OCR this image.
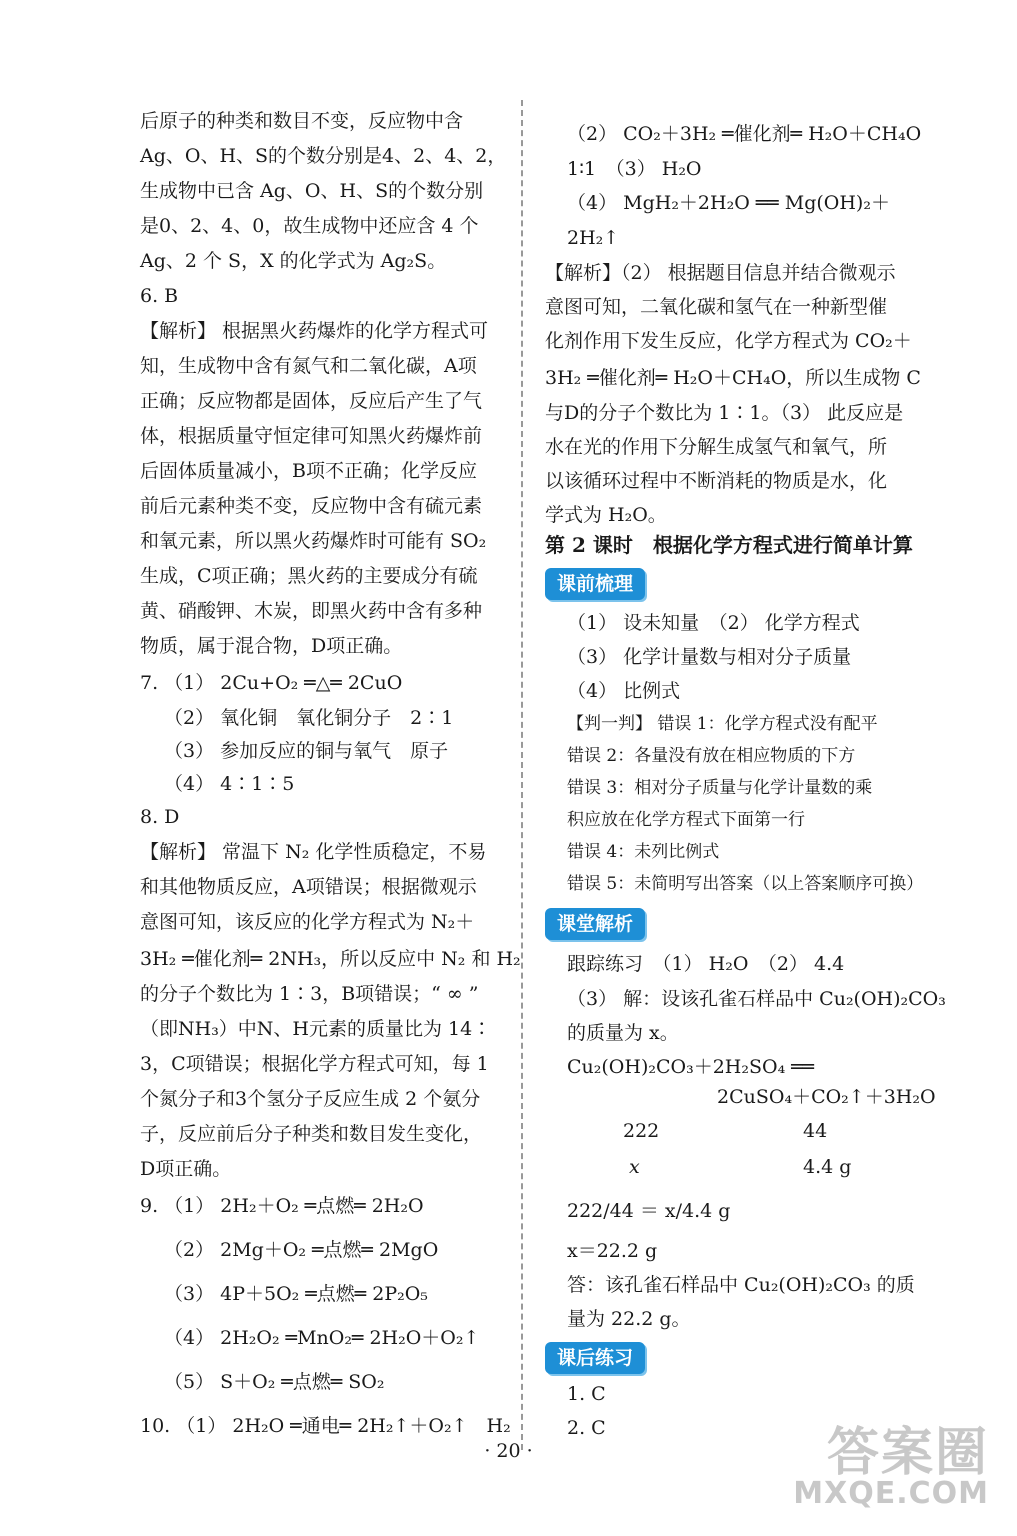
后原子的种类和数目不变，反应物中含
Ag、O、H、S的个数分别是4、2、4、2，
生成物中已含 Ag、O、H、S的个数分别
是0、2、4、0，故生成物中还应含 4 个
Ag、2 个 S，X 的化学式为 Ag₂S。
6. B
【解析】 根据黑火药爆炸的化学方程式可
知，生成物中含有氮气和二氧化碳，A项
正确；反应物都是固体，反应后产生了气
体，根据质量守恒定律可知黑火药爆炸前
后固体质量减小，B项不正确；化学反应
前后元素种类不变，反应物中含有硫元素
和氧元素，所以黑火药爆炸时可能有 SO₂
生成，C项正确；黑火药的主要成分有硫
黄、硝酸钾、木炭，即黑火药中含有多种
物质，属于混合物，D项正确。
7. （1） 2Cu+O₂ ═△═ 2CuO
（2） 氧化铜　氧化铜分子　2∶1
（3） 参加反应的铜与氧气　原子
（4） 4∶1∶5
8. D
【解析】 常温下 N₂ 化学性质稳定，不易
和其他物质反应，A项错误；根据微观示
意图可知，该反应的化学方程式为 N₂＋
3H₂ ═催化剂═ 2NH₃，所以反应中 N₂ 和 H₂
的分子个数比为 1∶3，B项错误；“ ∞ ”
（即NH₃）中N、H元素的质量比为 14∶
3，C项错误；根据化学方程式可知，每 1
个氮分子和3个氢分子反应生成 2 个氨分
子，反应前后分子种类和数目发生变化，
D项正确。
9. （1） 2H₂＋O₂ ═点燃═ 2H₂O
（2） 2Mg＋O₂ ═点燃═ 2MgO
（3） 4P＋5O₂ ═点燃═ 2P₂O₅
（4） 2H₂O₂ ═MnO₂═ 2H₂O＋O₂↑
（5） S＋O₂ ═点燃═ SO₂
10. （1） 2H₂O ═通电═ 2H₂↑＋O₂↑　H₂
（2） CO₂＋3H₂ ═催化剂═ H₂O＋CH₄O
1∶1　（3） H₂O
（4） MgH₂＋2H₂O ══ Mg(OH)₂＋
2H₂↑
【解析】（2） 根据题目信息并结合微观示
意图可知，二氧化碳和氢气在一种新型催
化剂作用下发生反应，化学方程式为 CO₂＋
3H₂ ═催化剂═ H₂O＋CH₄O，所以生成物 C
与D的分子个数比为 1∶1。（3） 此反应是
水在光的作用下分解生成氢气和氧气，所
以该循环过程中不断消耗的物质是水，化
学式为 H₂O。
第 2 课时　根据化学方程式进行简单计算
课前梳理
（1） 设未知量　（2） 化学方程式
（3） 化学计量数与相对分子质量
（4） 比例式
【判一判】 错误 1：化学方程式没有配平
错误 2：各量没有放在相应物质的下方
错误 3：相对分子质量与化学计量数的乘
积应放在化学方程式下面第一行
错误 4：未列比例式
错误 5：未简明写出答案（以上答案顺序可换）
课堂解析
跟踪练习　（1） H₂O　（2） 4.4
（3） 解：设该孔雀石样品中 Cu₂(OH)₂CO₃
的质量为 x。
Cu₂(OH)₂CO₃＋2H₂SO₄ ══
2CuSO₄＋CO₂↑＋3H₂O
222	44
x	4.4 g
222/44 ＝ x/4.4 g
x＝22.2 g
答：该孔雀石样品中 Cu₂(OH)₂CO₃ 的质
量为 22.2 g。
课后练习
1. C
2. C
· 20 ·	答案圈
MXQE.COM
